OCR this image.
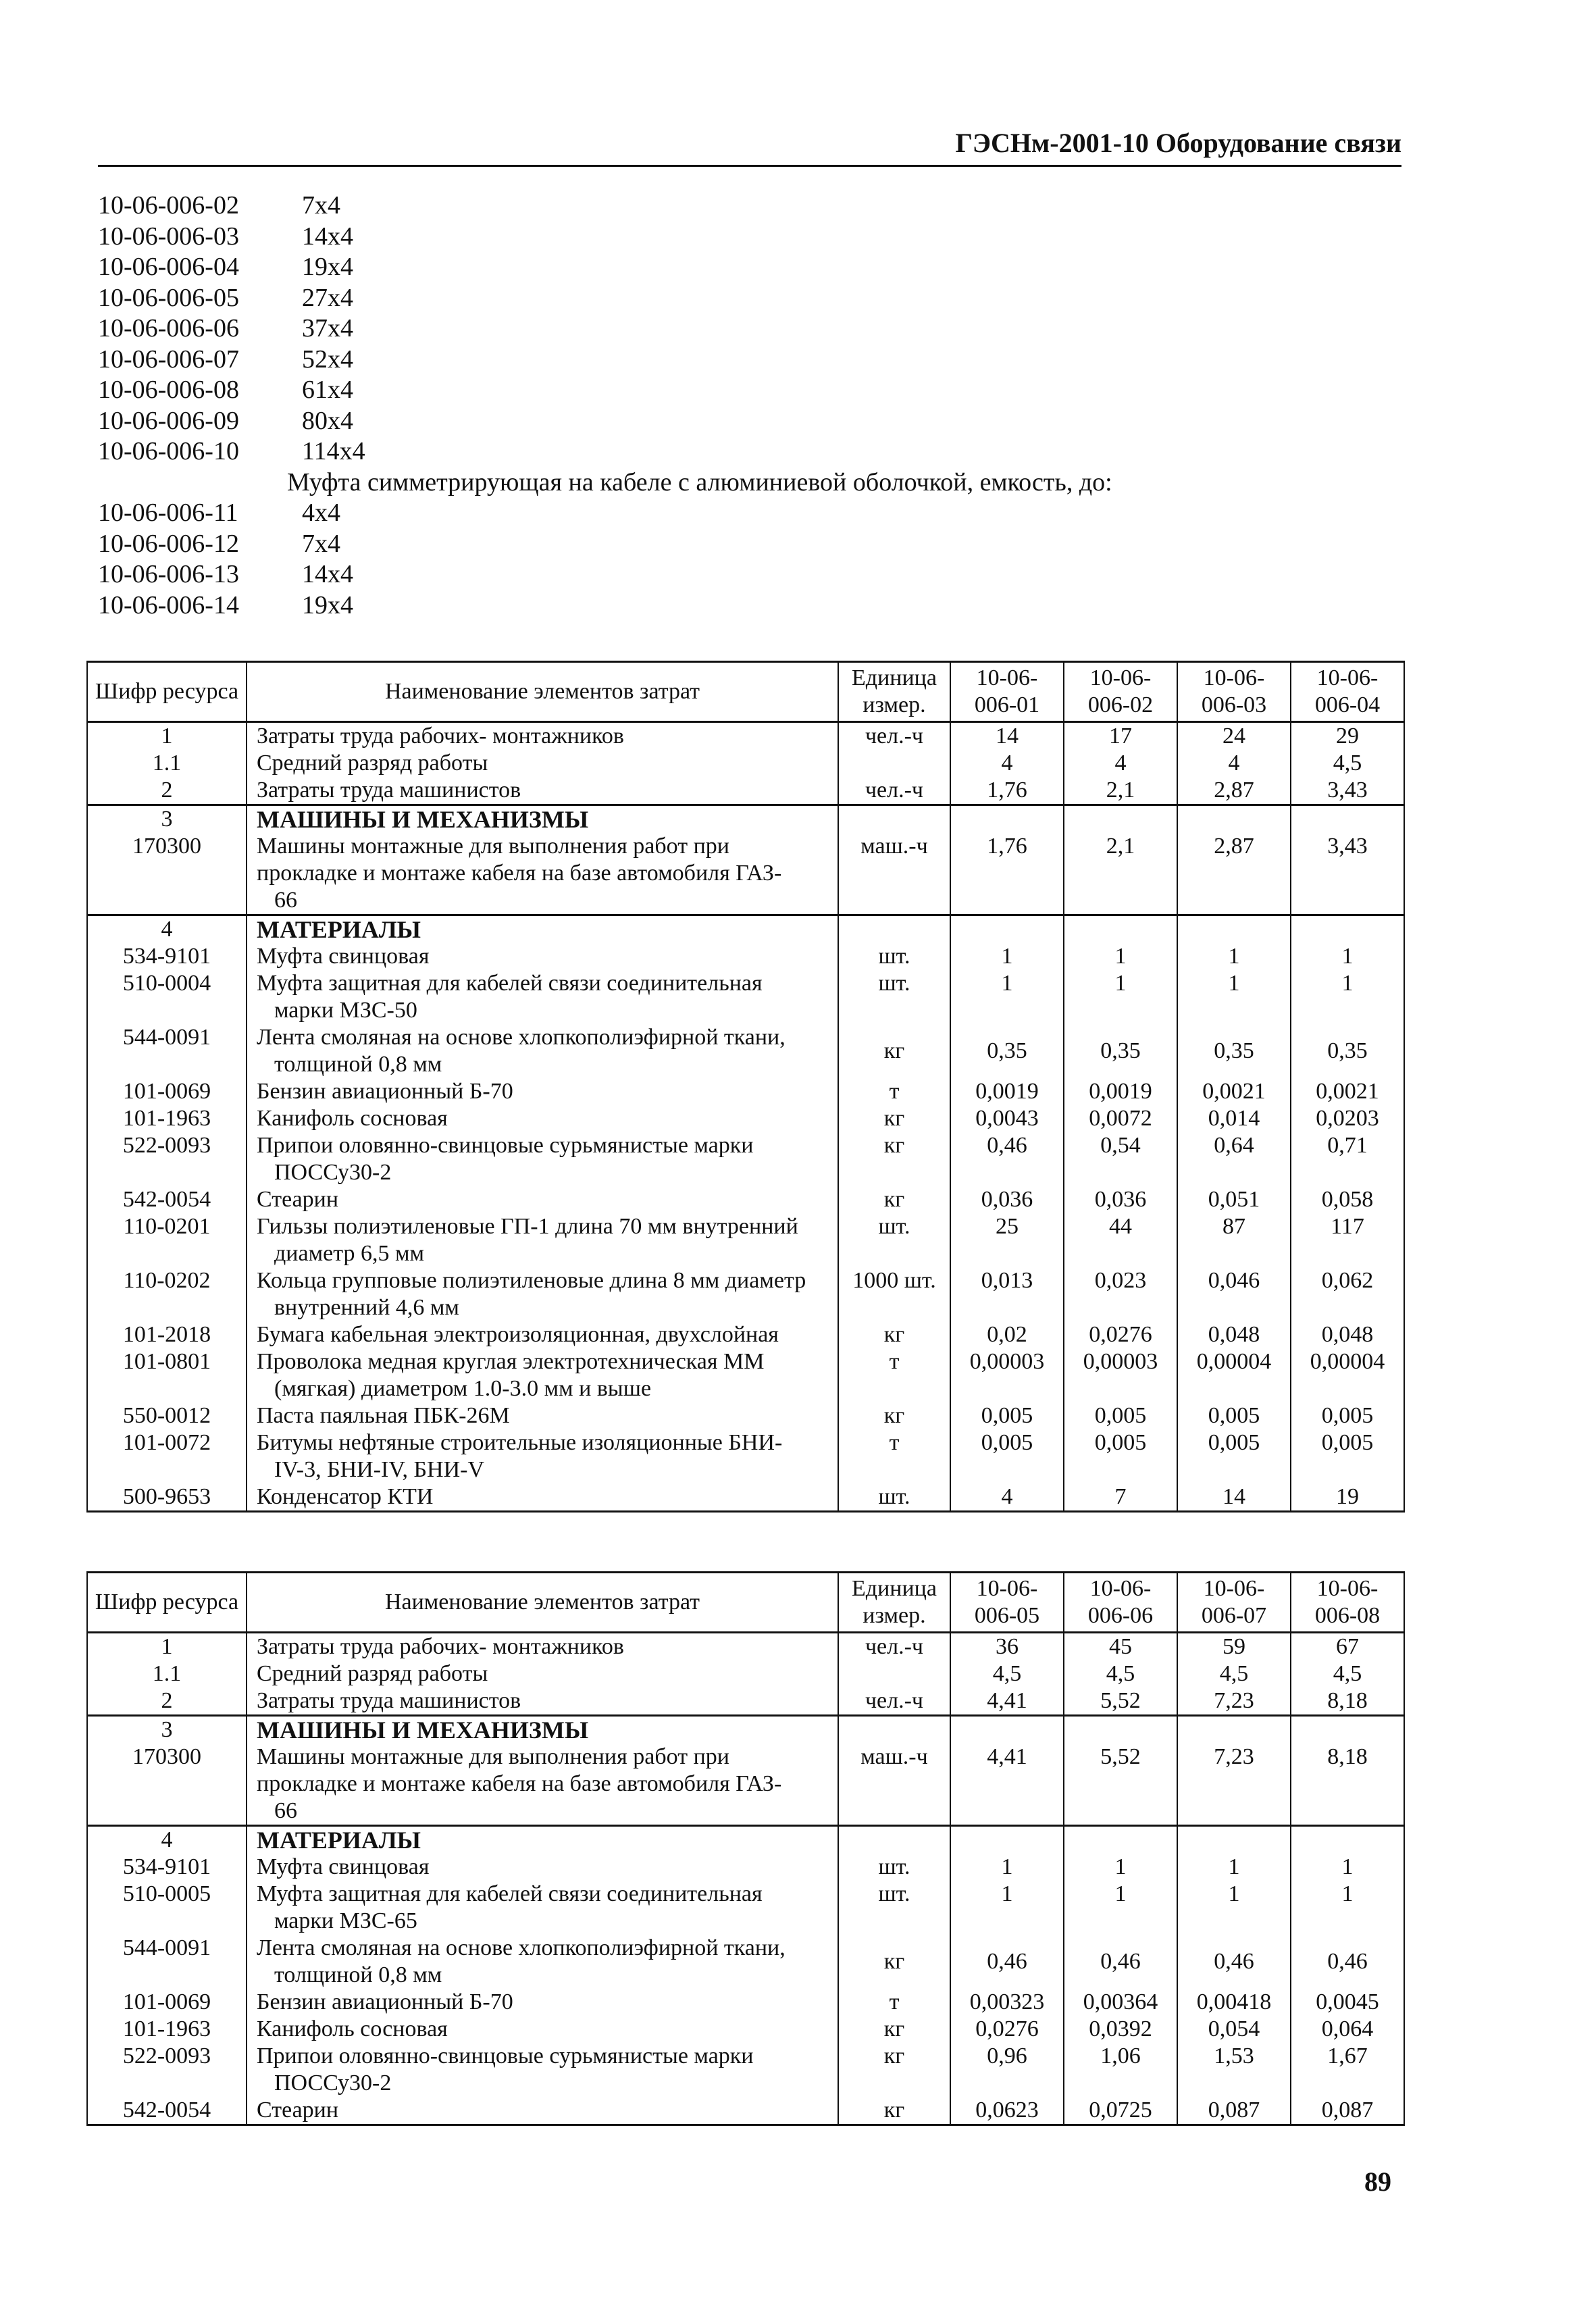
ГЭСНм-2001-10 Оборудование связи
10-06-006-02	7x4
10-06-006-03	14x4
10-06-006-04	19x4
10-06-006-05	27x4
10-06-006-06	37x4
10-06-006-07	52x4
10-06-006-08	61x4
10-06-006-09	80x4
10-06-006-10	114x4
Муфта симметрирующая на кабеле с алюминиевой оболочкой, емкость, до:
10-06-006-11	4x4
10-06-006-12	7x4
10-06-006-13	14x4
10-06-006-14	19x4
Шифр ресурса	Наименование элементов затрат	Единица измер.	10-06-006-01	10-06-006-02	10-06-006-03	10-06-006-04
1	Затраты труда рабочих- монтажников	чел.-ч	14	17	24	29
1.1	Средний разряд работы		4	4	4	4,5
2	Затраты труда машинистов	чел.-ч	1,76	2,1	2,87	3,43
3	МАШИНЫ И МЕХАНИЗМЫ					
170300	Машины монтажные для выполнения работ при
прокладке и монтаже кабеля на базе автомобиля ГАЗ-

66	маш.-ч	1,76	2,1	2,87	3,43
4	МАТЕРИАЛЫ					
534-9101	Муфта свинцовая	шт.	1	1	1	1
510-0004	Муфта защитная для кабелей связи соединительная
марки МЗС-50	шт.	1	1	1	1
544-0091	Лента смоляная на основе хлопкополиэфирной ткани,
толщиной 0,8 мм	кг	0,35	0,35	0,35	0,35
101-0069	Бензин авиационный Б-70	т	0,0019	0,0019	0,0021	0,0021
101-1963	Канифоль сосновая	кг	0,0043	0,0072	0,014	0,0203
522-0093	Припои оловянно-свинцовые сурьмянистые марки
ПОССу30-2	кг	0,46	0,54	0,64	0,71
542-0054	Стеарин	кг	0,036	0,036	0,051	0,058
110-0201	Гильзы полиэтиленовые ГП-1 длина 70 мм внутренний
диаметр 6,5 мм	шт.	25	44	87	117
110-0202	Кольца групповые полиэтиленовые длина 8 мм диаметр
внутренний 4,6 мм	1000 шт.	0,013	0,023	0,046	0,062
101-2018	Бумага кабельная электроизоляционная, двухслойная	кг	0,02	0,0276	0,048	0,048
101-0801	Проволока медная круглая электротехническая ММ
(мягкая) диаметром 1.0-3.0 мм и выше	т	0,00003	0,00003	0,00004	0,00004
550-0012	Паста паяльная ПБК-26М	кг	0,005	0,005	0,005	0,005
101-0072	Битумы нефтяные строительные изоляционные БНИ-
IV-3, БНИ-IV, БНИ-V	т	0,005	0,005	0,005	0,005
500-9653	Конденсатор КТИ	шт.	4	7	14	19
Шифр ресурса	Наименование элементов затрат	Единица измер.	10-06-006-05	10-06-006-06	10-06-006-07	10-06-006-08
1	Затраты труда рабочих- монтажников	чел.-ч	36	45	59	67
1.1	Средний разряд работы		4,5	4,5	4,5	4,5
2	Затраты труда машинистов	чел.-ч	4,41	5,52	7,23	8,18
3	МАШИНЫ И МЕХАНИЗМЫ					
170300	Машины монтажные для выполнения работ при
прокладке и монтаже кабеля на базе автомобиля ГАЗ-

66	маш.-ч	4,41	5,52	7,23	8,18
4	МАТЕРИАЛЫ					
534-9101	Муфта свинцовая	шт.	1	1	1	1
510-0005	Муфта защитная для кабелей связи соединительная
марки МЗС-65	шт.	1	1	1	1
544-0091	Лента смоляная на основе хлопкополиэфирной ткани,
толщиной 0,8 мм	кг	0,46	0,46	0,46	0,46
101-0069	Бензин авиационный Б-70	т	0,00323	0,00364	0,00418	0,0045
101-1963	Канифоль сосновая	кг	0,0276	0,0392	0,054	0,064
522-0093	Припои оловянно-свинцовые сурьмянистые марки
ПОССу30-2	кг	0,96	1,06	1,53	1,67
542-0054	Стеарин	кг	0,0623	0,0725	0,087	0,087
89
